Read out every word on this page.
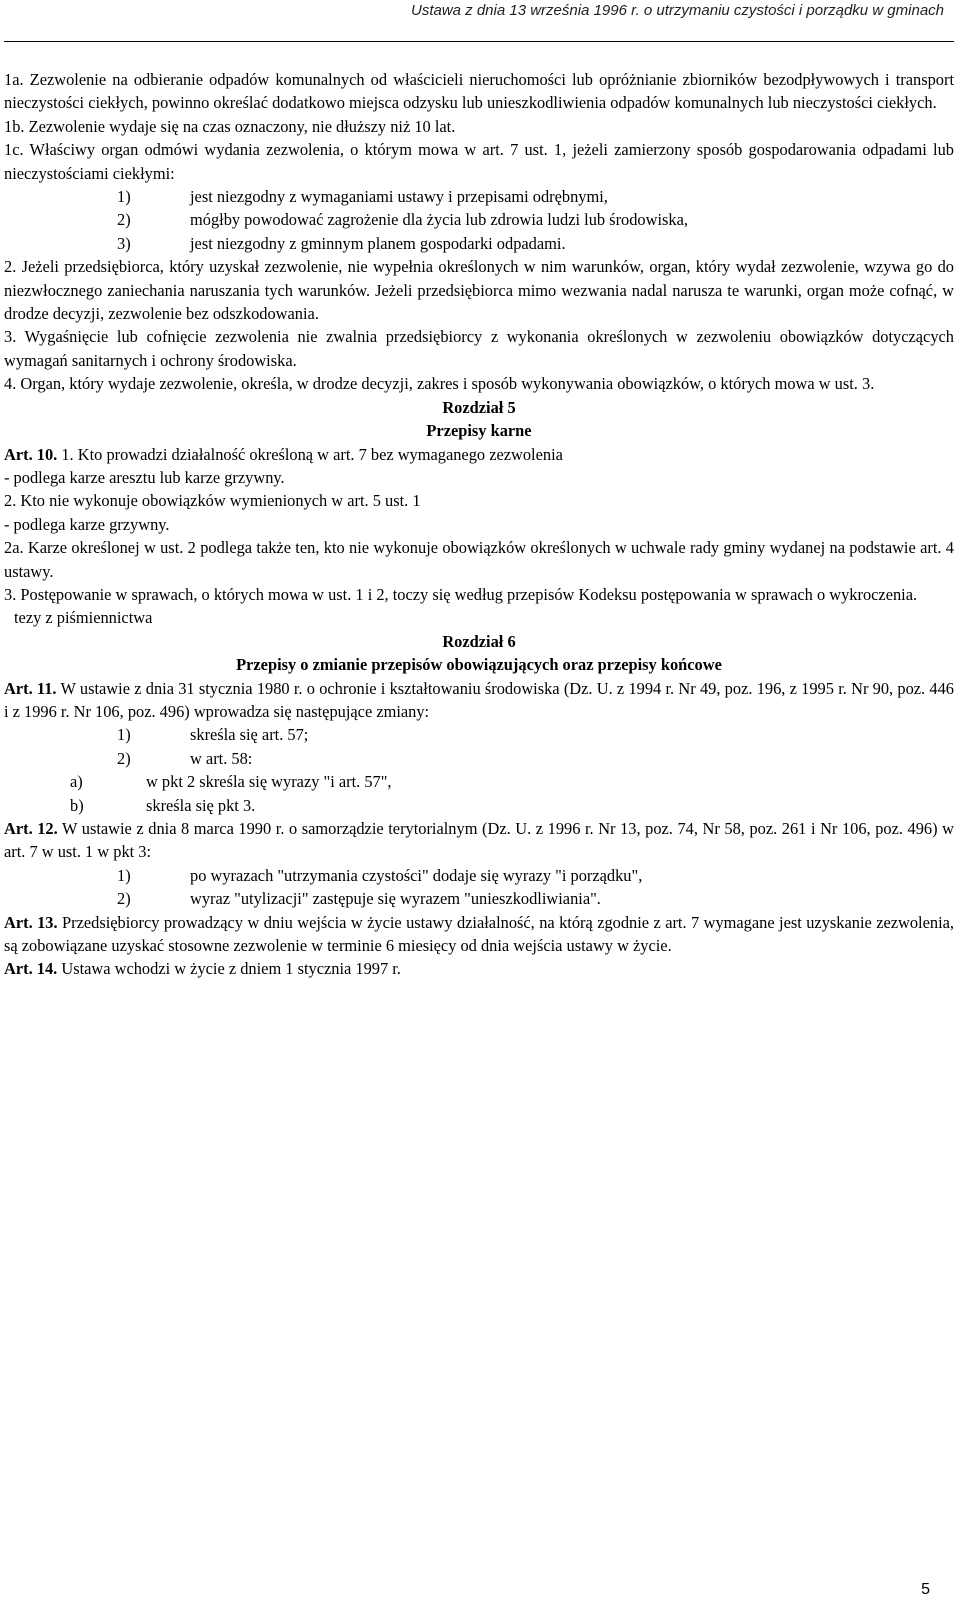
Ustawa z dnia 13 września 1996 r. o utrzymaniu czystości i porządku w gminach

1a. Zezwolenie na odbieranie odpadów komunalnych od właścicieli nieruchomości lub opróżnianie zbiorników bezodpływowych i transport nieczystości ciekłych, powinno określać dodatkowo miejsca odzysku lub unieszkodliwienia odpadów komunalnych lub nieczystości ciekłych.

1b. Zezwolenie wydaje się na czas oznaczony, nie dłuższy niż 10 lat.

1c. Właściwy organ odmówi wydania zezwolenia, o którym mowa w art. 7 ust. 1, jeżeli zamierzony sposób gospodarowania odpadami lub nieczystościami ciekłymi:

1)	jest niezgodny z wymaganiami ustawy i przepisami odrębnymi,
2)	mógłby powodować zagrożenie dla życia lub zdrowia ludzi lub środowiska,
3)	jest niezgodny z gminnym planem gospodarki odpadami.

2. Jeżeli przedsiębiorca, który uzyskał zezwolenie, nie wypełnia określonych w nim warunków, organ, który wydał zezwolenie, wzywa go do niezwłocznego zaniechania naruszania tych warunków. Jeżeli przedsiębiorca mimo wezwania nadal narusza te warunki, organ może cofnąć, w drodze decyzji, zezwolenie bez odszkodowania.

3. Wygaśnięcie lub cofnięcie zezwolenia nie zwalnia przedsiębiorcy z wykonania określonych w zezwoleniu obowiązków dotyczących wymagań sanitarnych i ochrony środowiska.

4. Organ, który wydaje zezwolenie, określa, w drodze decyzji, zakres i sposób wykonywania obowiązków, o których mowa w ust. 3.

Rozdział 5
Przepisy karne

Art. 10. 1. Kto prowadzi działalność określoną w art. 7 bez wymaganego zezwolenia

- podlega karze aresztu lub karze grzywny.

2. Kto nie wykonuje obowiązków wymienionych w art. 5 ust. 1

- podlega karze grzywny.

2a. Karze określonej w ust. 2 podlega także ten, kto nie wykonuje obowiązków określonych w uchwale rady gminy wydanej na podstawie art. 4 ustawy.

3. Postępowanie w sprawach, o których mowa w ust. 1 i 2, toczy się według przepisów Kodeksu postępowania w sprawach o wykroczenia.

tezy z piśmiennictwa

Rozdział 6
Przepisy o zmianie przepisów obowiązujących oraz przepisy końcowe

Art. 11. W ustawie z dnia 31 stycznia 1980 r. o ochronie i kształtowaniu środowiska (Dz. U. z 1994 r. Nr 49, poz. 196, z 1995 r. Nr 90, poz. 446 i z 1996 r. Nr 106, poz. 496) wprowadza się następujące zmiany:

1)	skreśla się art. 57;
2)	w art. 58:
a)	w pkt 2 skreśla się wyrazy "i art. 57",
b)	skreśla się pkt 3.

Art. 12. W ustawie z dnia 8 marca 1990 r. o samorządzie terytorialnym (Dz. U. z 1996 r. Nr 13, poz. 74, Nr 58, poz. 261 i Nr 106, poz. 496) w art. 7 w ust. 1 w pkt 3:

1)	po wyrazach "utrzymania czystości" dodaje się wyrazy "i porządku",
2)	wyraz "utylizacji" zastępuje się wyrazem "unieszkodliwiania".

Art. 13. Przedsiębiorcy prowadzący w dniu wejścia w życie ustawy działalność, na którą zgodnie z art. 7 wymagane jest uzyskanie zezwolenia, są zobowiązane uzyskać stosowne zezwolenie w terminie 6 miesięcy od dnia wejścia ustawy w życie.

Art. 14. Ustawa wchodzi w życie z dniem 1 stycznia 1997 r.

5
